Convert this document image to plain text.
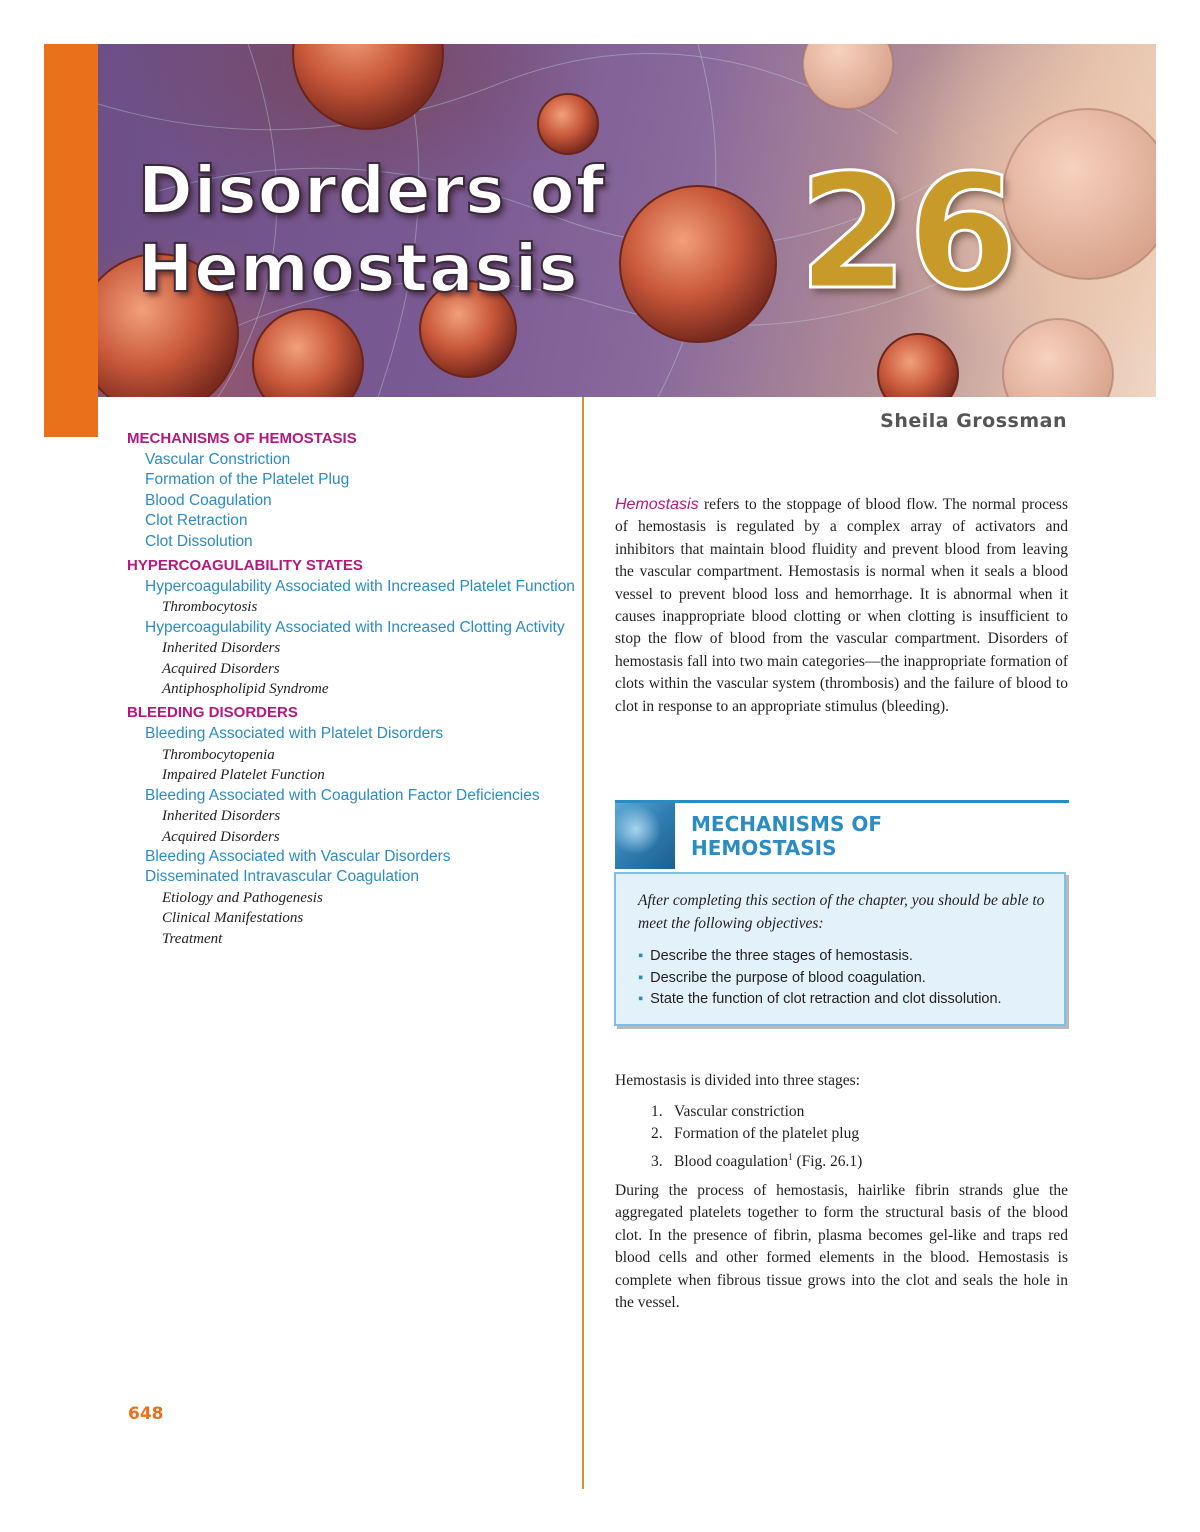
Disorders of
Hemostasis 26
Sheila Grossman
MECHANISMS OF HEMOSTASIS
Vascular Constriction
Formation of the Platelet Plug
Blood Coagulation
Clot Retraction
Clot Dissolution
HYPERCOAGULABILITY STATES
Hypercoagulability Associated with Increased Platelet Function
Thrombocytosis
Hypercoagulability Associated with Increased Clotting Activity
Inherited Disorders
Acquired Disorders
Antiphospholipid Syndrome
BLEEDING DISORDERS
Bleeding Associated with Platelet Disorders
Thrombocytopenia
Impaired Platelet Function
Bleeding Associated with Coagulation Factor Deficiencies
Inherited Disorders
Acquired Disorders
Bleeding Associated with Vascular Disorders
Disseminated Intravascular Coagulation
Etiology and Pathogenesis
Clinical Manifestations
Treatment
648

Hemostasis refers to the stoppage of blood flow. The normal process of hemostasis is regulated by a complex array of activators and inhibitors that maintain blood fluidity and prevent blood from leaving the vascular compartment. Hemostasis is normal when it seals a blood vessel to prevent blood loss and hemorrhage. It is abnormal when it causes inappropriate blood clotting or when clotting is insufficient to stop the flow of blood from the vascular compartment. Disorders of hemostasis fall into two main categories—the inappropriate formation of clots within the vascular system (thrombosis) and the failure of blood to clot in response to an appropriate stimulus (bleeding).

MECHANISMS OF
HEMOSTASIS

After completing this section of the chapter, you should be able to meet the following objectives:

▪ Describe the three stages of hemostasis.
▪ Describe the purpose of blood coagulation.
▪ State the function of clot retraction and clot dissolution.

Hemostasis is divided into three stages:

1. Vascular constriction
2. Formation of the platelet plug
3. Blood coagulation$^1$ (Fig. 26.1)

During the process of hemostasis, hairlike fibrin strands glue the aggregated platelets together to form the structural basis of the blood clot. In the presence of fibrin, plasma becomes gel-like and traps red blood cells and other formed elements in the blood. Hemostasis is complete when fibrous tissue grows into the clot and seals the hole in the vessel.
